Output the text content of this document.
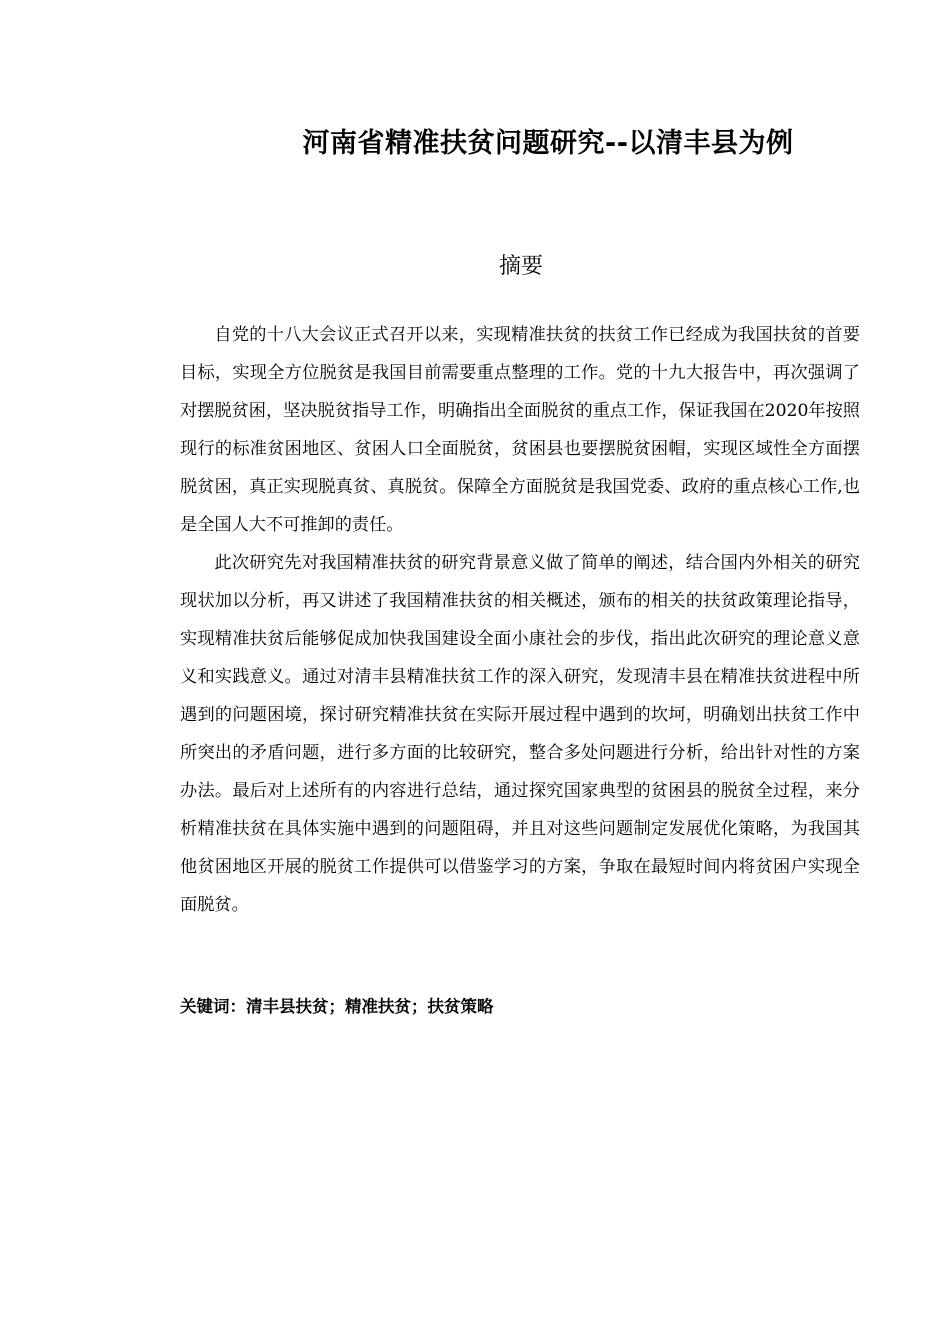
河南省精准扶贫问题研究--以清丰县为例
摘要

自党的十八大会议正式召开以来，实现精准扶贫的扶贫工作已经成为我国扶贫的首要目标，实现全方位脱贫是我国目前需要重点整理的工作。党的十九大报告中，再次强调了对摆脱贫困，坚决脱贫指导工作，明确指出全面脱贫的重点工作，保证我国在2020年按照现行的标准贫困地区、贫困人口全面脱贫，贫困县也要摆脱贫困帽，实现区域性全方面摆脱贫困，真正实现脱真贫、真脱贫。保障全方面脱贫是我国党委、政府的重点核心工作,也是全国人大不可推卸的责任。

此次研究先对我国精准扶贫的研究背景意义做了简单的阐述，结合国内外相关的研究现状加以分析，再又讲述了我国精准扶贫的相关概述，颁布的相关的扶贫政策理论指导，实现精准扶贫后能够促成加快我国建设全面小康社会的步伐，指出此次研究的理论意义意义和实践意义。通过对清丰县精准扶贫工作的深入研究，发现清丰县在精准扶贫进程中所遇到的问题困境，探讨研究精准扶贫在实际开展过程中遇到的坎坷，明确划出扶贫工作中所突出的矛盾问题，进行多方面的比较研究，整合多处问题进行分析，给出针对性的方案办法。最后对上述所有的内容进行总结，通过探究国家典型的贫困县的脱贫全过程，来分析精准扶贫在具体实施中遇到的问题阻碍，并且对这些问题制定发展优化策略，为我国其他贫困地区开展的脱贫工作提供可以借鉴学习的方案，争取在最短时间内将贫困户实现全面脱贫。

关键词：清丰县扶贫；精准扶贫；扶贫策略
